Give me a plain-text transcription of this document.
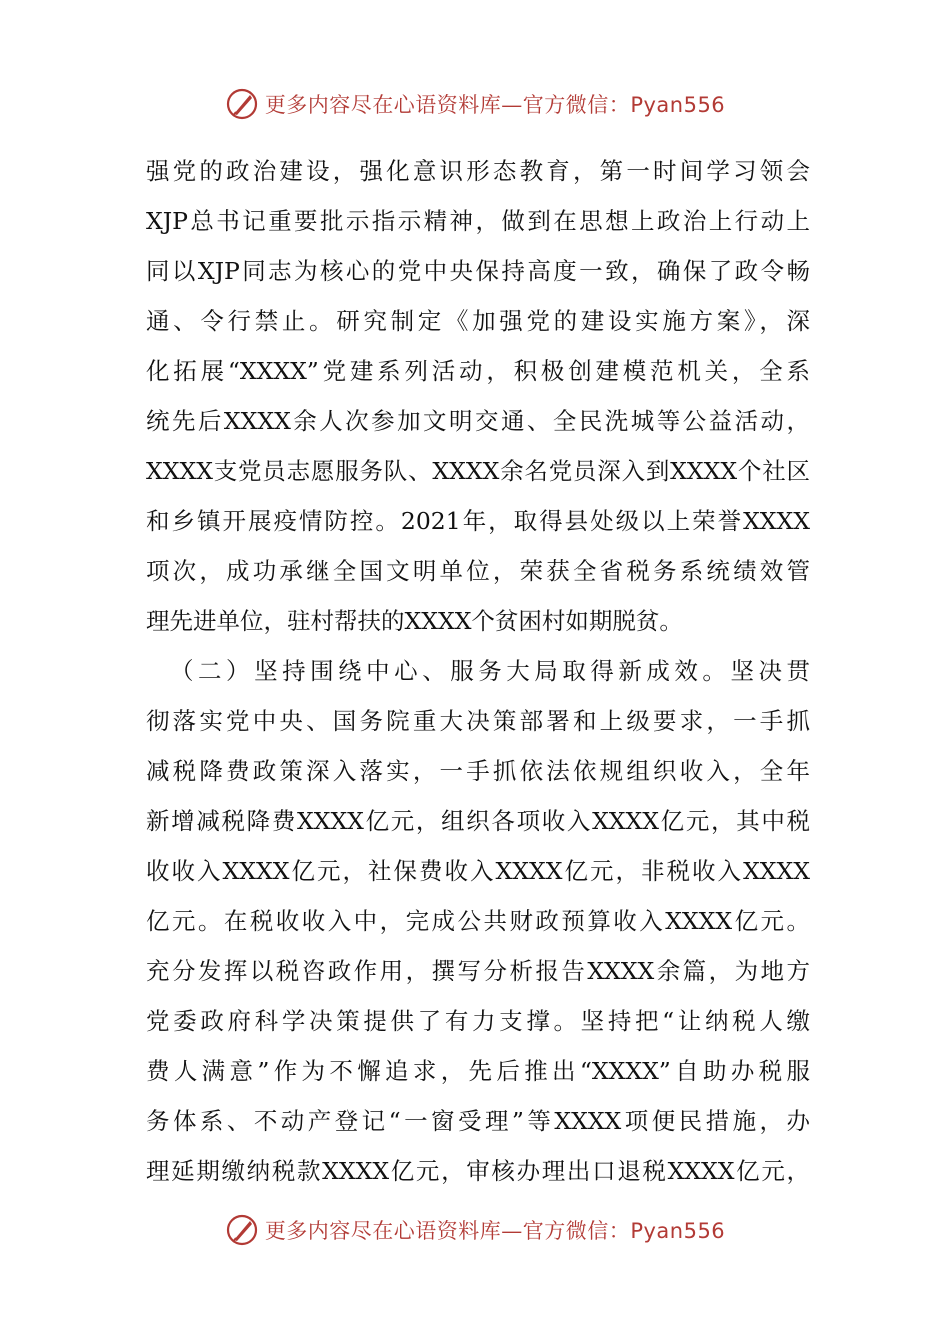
更多内容尽在心语资料库—官方微信：Pyan556
强党的政治建设，强化意识形态教育，第一时间学习领会
XJP总书记重要批示指示精神，做到在思想上政治上行动上
同以XJP同志为核心的党中央保持高度一致，确保了政令畅
通、令行禁止。研究制定《加强党的建设实施方案》，深
化拓展“XXXX”党建系列活动，积极创建模范机关，全系
统先后XXXX余人次参加文明交通、全民洗城等公益活动，
XXXX支党员志愿服务队、XXXX余名党员深入到XXXX个社区
和乡镇开展疫情防控。2021年，取得县处级以上荣誉XXXX
项次，成功承继全国文明单位，荣获全省税务系统绩效管
理先进单位，驻村帮扶的XXXX个贫困村如期脱贫。
（二）坚持围绕中心、服务大局取得新成效。坚决贯
彻落实党中央、国务院重大决策部署和上级要求，一手抓
减税降费政策深入落实，一手抓依法依规组织收入，全年
新增减税降费XXXX亿元，组织各项收入XXXX亿元，其中税
收收入XXXX亿元，社保费收入XXXX亿元，非税收入XXXX
亿元。在税收收入中，完成公共财政预算收入XXXX亿元。
充分发挥以税咨政作用，撰写分析报告XXXX余篇，为地方
党委政府科学决策提供了有力支撑。坚持把“让纳税人缴
费人满意”作为不懈追求，先后推出“XXXX”自助办税服
务体系、不动产登记“一窗受理”等XXXX项便民措施，办
理延期缴纳税款XXXX亿元，审核办理出口退税XXXX亿元，
更多内容尽在心语资料库—官方微信：Pyan556
